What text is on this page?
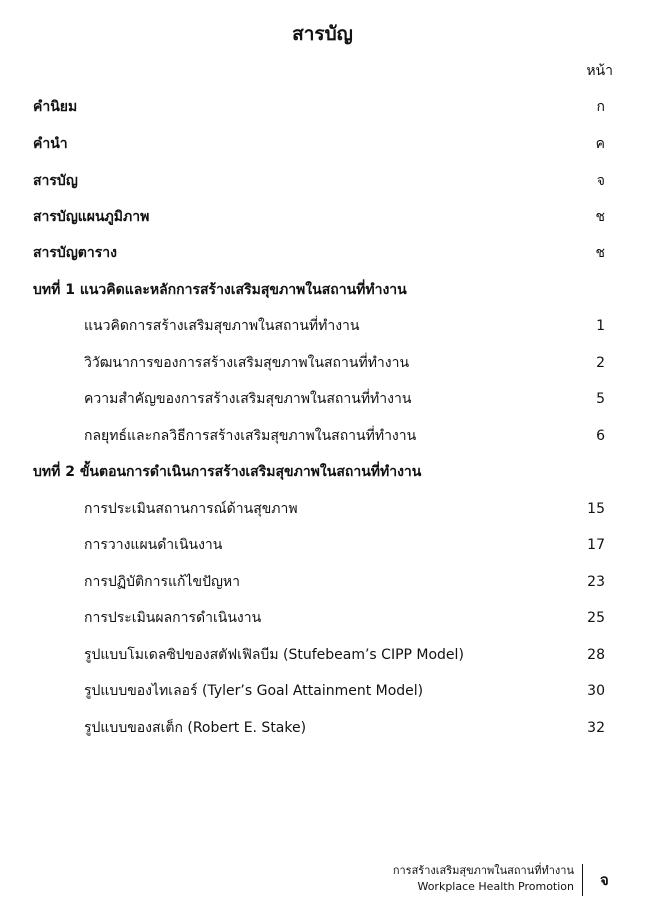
สารบัญ
หน้า
คำนิยม	ก
คำนำ	ค
สารบัญ	จ
สารบัญแผนภูมิภาพ	ช
สารบัญตาราง	ช
บทที่ 1 แนวคิดและหลักการสร้างเสริมสุขภาพในสถานที่ทำงาน
แนวคิดการสร้างเสริมสุขภาพในสถานที่ทำงาน	1
วิวัฒนาการของการสร้างเสริมสุขภาพในสถานที่ทำงาน	2
ความสำคัญของการสร้างเสริมสุขภาพในสถานที่ทำงาน	5
กลยุทธ์และกลวิธีการสร้างเสริมสุขภาพในสถานที่ทำงาน	6
บทที่ 2 ขั้นตอนการดำเนินการสร้างเสริมสุขภาพในสถานที่ทำงาน
การประเมินสถานการณ์ด้านสุขภาพ	15
การวางแผนดำเนินงาน	17
การปฏิบัติการแก้ไขปัญหา	23
การประเมินผลการดำเนินงาน	25
รูปแบบโมเดลซิปของสตัฟเฟิลบีม (Stufebeam’s CIPP Model)	28
รูปแบบของไทเลอร์ (Tyler’s Goal Attainment Model)	30
รูปแบบของสเต็ก (Robert E. Stake)	32
การสร้างเสริมสุขภาพในสถานที่ทำงาน
Workplace Health Promotion จ
